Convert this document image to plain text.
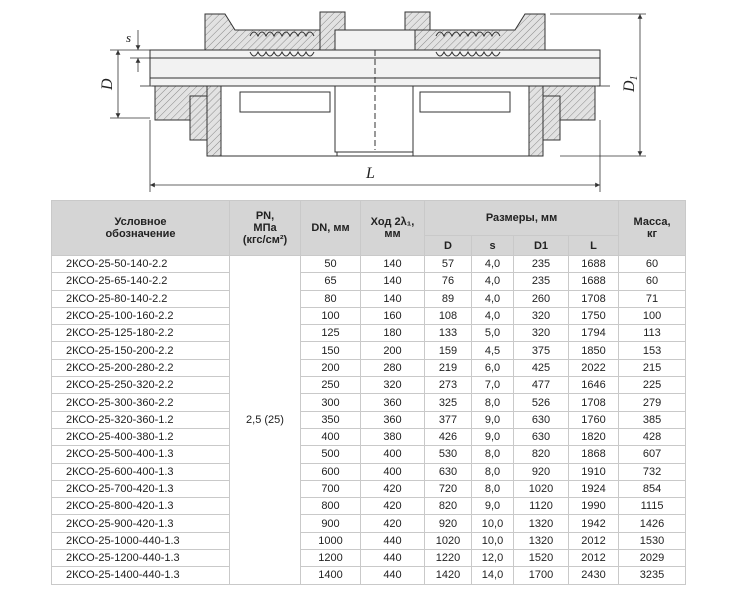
s
D	D1
L
Условное
обозначение	PN,
МПа
(кгс/см²)	DN, мм	Ход 2λ₁,
мм	Размеры, мм				Масса,
кг
				D	s	D1	L	
2КСО-25-50-140-2.2	2,5 (25)	50	140	57	4,0	235	1688	60
2КСО-25-65-140-2.2		65	140	76	4,0	235	1688	60
2КСО-25-80-140-2.2		80	140	89	4,0	260	1708	71
2КСО-25-100-160-2.2		100	160	108	4,0	320	1750	100
2КСО-25-125-180-2.2		125	180	133	5,0	320	1794	113
2КСО-25-150-200-2.2		150	200	159	4,5	375	1850	153
2КСО-25-200-280-2.2		200	280	219	6,0	425	2022	215
2КСО-25-250-320-2.2		250	320	273	7,0	477	1646	225
2КСО-25-300-360-2.2		300	360	325	8,0	526	1708	279
2КСО-25-320-360-1.2		350	360	377	9,0	630	1760	385
2КСО-25-400-380-1.2		400	380	426	9,0	630	1820	428
2КСО-25-500-400-1.3		500	400	530	8,0	820	1868	607
2КСО-25-600-400-1.3		600	400	630	8,0	920	1910	732
2КСО-25-700-420-1.3		700	420	720	8,0	1020	1924	854
2КСО-25-800-420-1.3		800	420	820	9,0	1120	1990	1115
2КСО-25-900-420-1.3		900	420	920	10,0	1320	1942	1426
2КСО-25-1000-440-1.3		1000	440	1020	10,0	1320	2012	1530
2КСО-25-1200-440-1.3		1200	440	1220	12,0	1520	2012	2029
2КСО-25-1400-440-1.3		1400	440	1420	14,0	1700	2430	3235
